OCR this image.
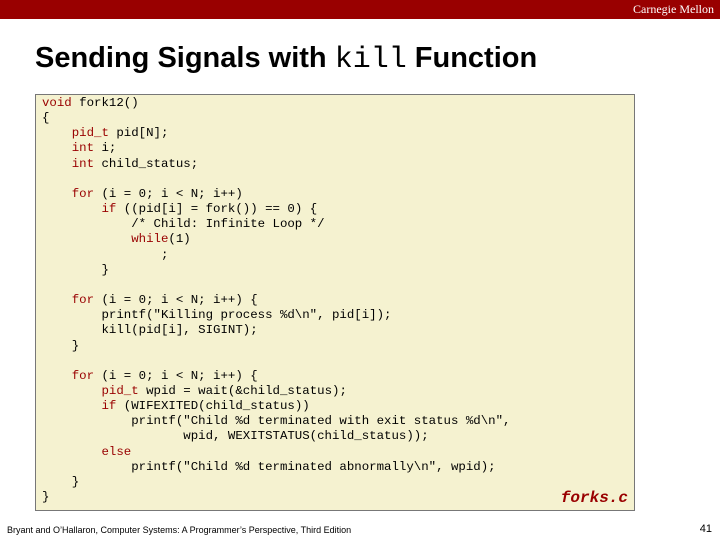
Carnegie Mellon
Sending Signals with kill Function
void fork12()
{
pid_t pid[N];
int i;
int child_status;

for (i = 0; i < N; i++)
if ((pid[i] = fork()) == 0) {
/* Child: Infinite Loop */
while(1)
;
}

for (i = 0; i < N; i++) {
printf("Killing process %d\n", pid[i]);
kill(pid[i], SIGINT);
}

for (i = 0; i < N; i++) {
pid_t wpid = wait(&child_status);
if (WIFEXITED(child_status))
printf("Child %d terminated with exit status %d\n",
wpid, WEXITSTATUS(child_status));
else
printf("Child %d terminated abnormally\n", wpid);
}
}	forks.c
Bryant and O’Hallaron, Computer Systems: A Programmer’s Perspective, Third Edition	41
